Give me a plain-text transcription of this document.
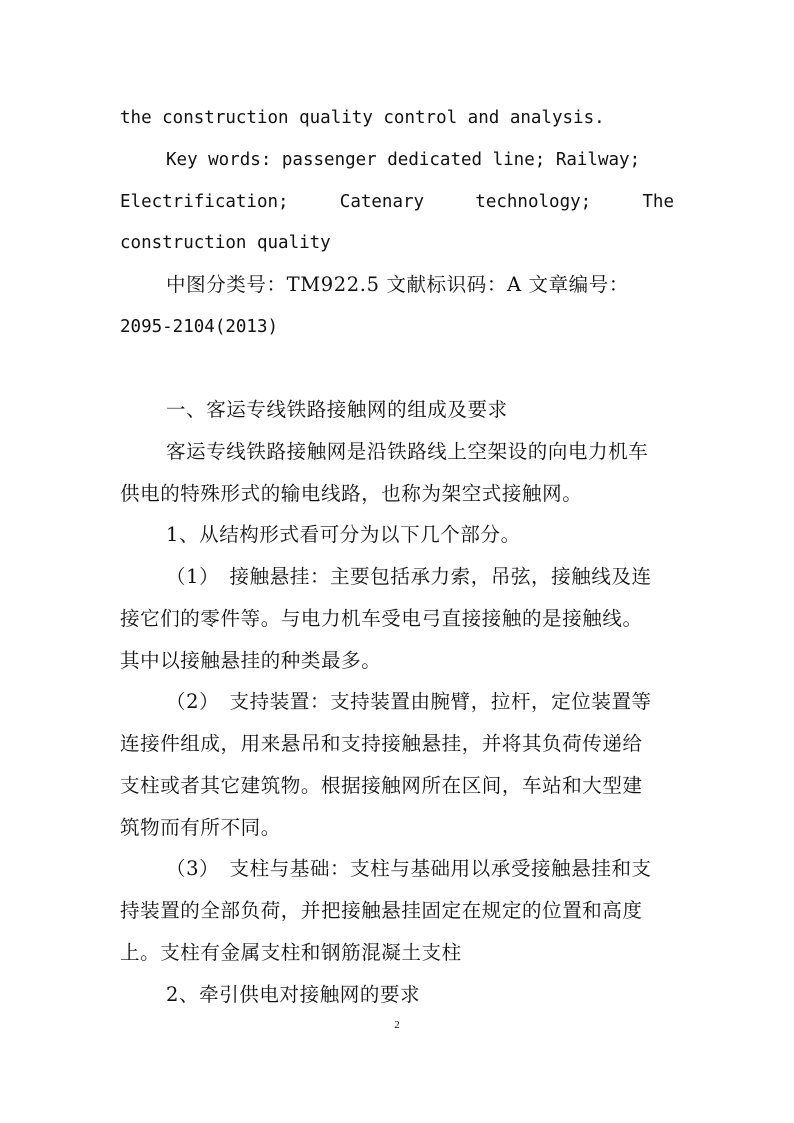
the construction quality control and analysis.
Key words: passenger dedicated line; Railway;
Electrification;	Catenary	technology;	The
construction quality
中图分类号：TM922.5 文献标识码：A 文章编号：
2095-2104(2013)
一、客运专线铁路接触网的组成及要求
客运专线铁路接触网是沿铁路线上空架设的向电力机车
供电的特殊形式的输电线路，也称为架空式接触网。
1、从结构形式看可分为以下几个部分。
（1）　接触悬挂：主要包括承力索，吊弦，接触线及连
接它们的零件等。与电力机车受电弓直接接触的是接触线。
其中以接触悬挂的种类最多。
（2）　支持装置：支持装置由腕臂，拉杆，定位装置等
连接件组成，用来悬吊和支持接触悬挂，并将其负荷传递给
支柱或者其它建筑物。根据接触网所在区间，车站和大型建
筑物而有所不同。
（3）　支柱与基础：支柱与基础用以承受接触悬挂和支
持装置的全部负荷，并把接触悬挂固定在规定的位置和高度
上。支柱有金属支柱和钢筋混凝土支柱
2、牵引供电对接触网的要求
2
